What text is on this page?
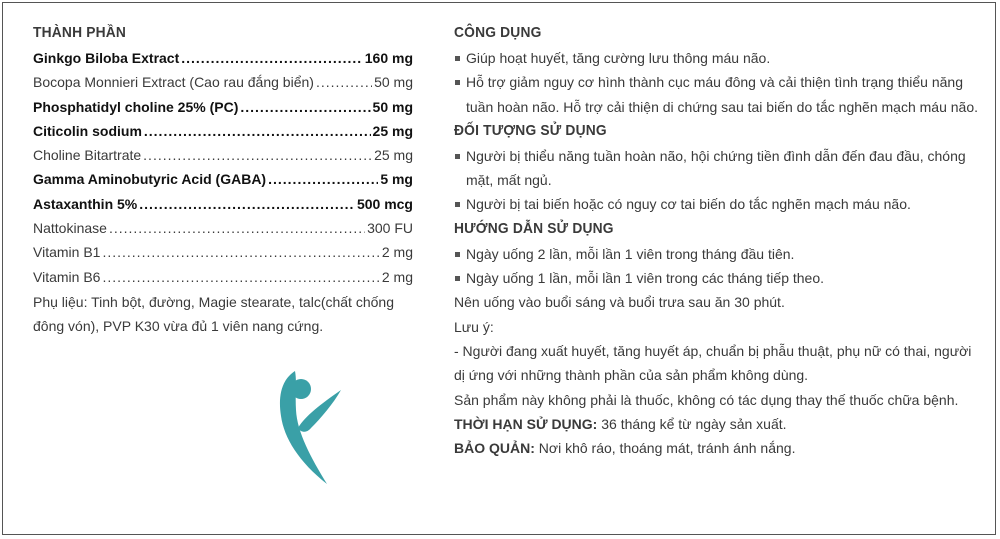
THÀNH PHẦN
Ginkgo Biloba Extract .....	160 mg
Bocopa Monnieri Extract (Cao rau đắng biển) .....	50 mg
Phosphatidyl choline 25% (PC) .....	50 mg
Citicolin sodium .....	25 mg
Choline Bitartrate .....	25 mg
Gamma Aminobutyric Acid (GABA) .....	5 mg
Astaxanthin 5% .....	500 mcg
Nattokinase .....	300 FU
Vitamin B1 .....	2 mg
Vitamin B6 .....	2 mg
Phụ liệu: Tinh bột, đường, Magie stearate, talc(chất chống đông vón), PVP K30 vừa đủ 1 viên nang cứng.
CÔNG DỤNG
Giúp hoạt huyết, tăng cường lưu thông máu não.
Hỗ trợ giảm nguy cơ hình thành cục máu đông và cải thiện tình trạng thiểu năng tuần hoàn não. Hỗ trợ cải thiện di chứng sau tai biến do tắc nghẽn mạch máu não.
ĐỐI TƯỢNG SỬ DỤNG
Người bị thiểu năng tuần hoàn não, hội chứng tiền đình dẫn đến đau đầu, chóng mặt, mất ngủ.
Người bị tai biến hoặc có nguy cơ tai biến do tắc nghẽn mạch máu não.
HƯỚNG DẪN SỬ DỤNG
Ngày uống 2 lần, mỗi lần 1 viên trong tháng đầu tiên.
Ngày uống 1 lần, mỗi lần 1 viên trong các tháng tiếp theo.
Nên uống vào buổi sáng và buổi trưa sau ăn 30 phút.
Lưu ý:
- Người đang xuất huyết, tăng huyết áp, chuẩn bị phẫu thuật, phụ nữ có thai, người dị ứng với những thành phần của sản phẩm không dùng.
Sản phẩm này không phải là thuốc, không có tác dụng thay thế thuốc chữa bệnh.
THỜI HẠN SỬ DỤNG: 36 tháng kể từ ngày sản xuất.
BẢO QUẢN: Nơi khô ráo, thoáng mát, tránh ánh nắng.
